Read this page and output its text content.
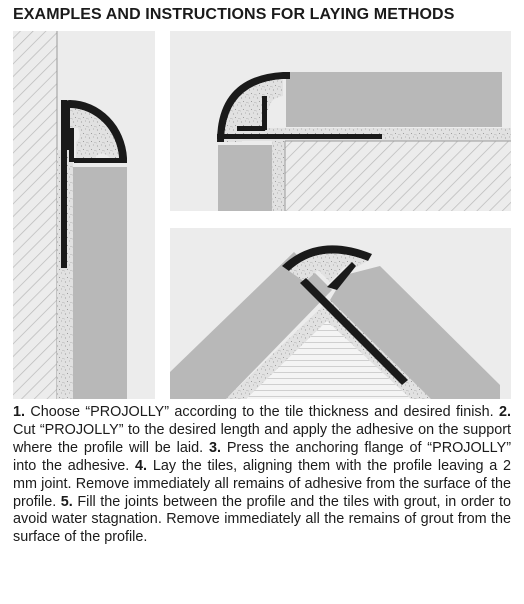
EXAMPLES AND INSTRUCTIONS FOR LAYING METHODS
1. Choose “PROJOLLY” according to the tile thickness and desired finish. 2. Cut “PROJOLLY” to the desired length and apply the adhesive on the support where the profile will be laid. 3. Press the anchoring flange of “PROJOLLY” into the adhesive. 4. Lay the tiles, aligning them with the profile leaving a 2 mm joint. Remove immediately all remains of adhesive from the surface of the profile. 5. Fill the joints between the profile and the tiles with grout, in order to avoid water stagnation. Remove immediately all the remains of grout from the surface of the profile.
